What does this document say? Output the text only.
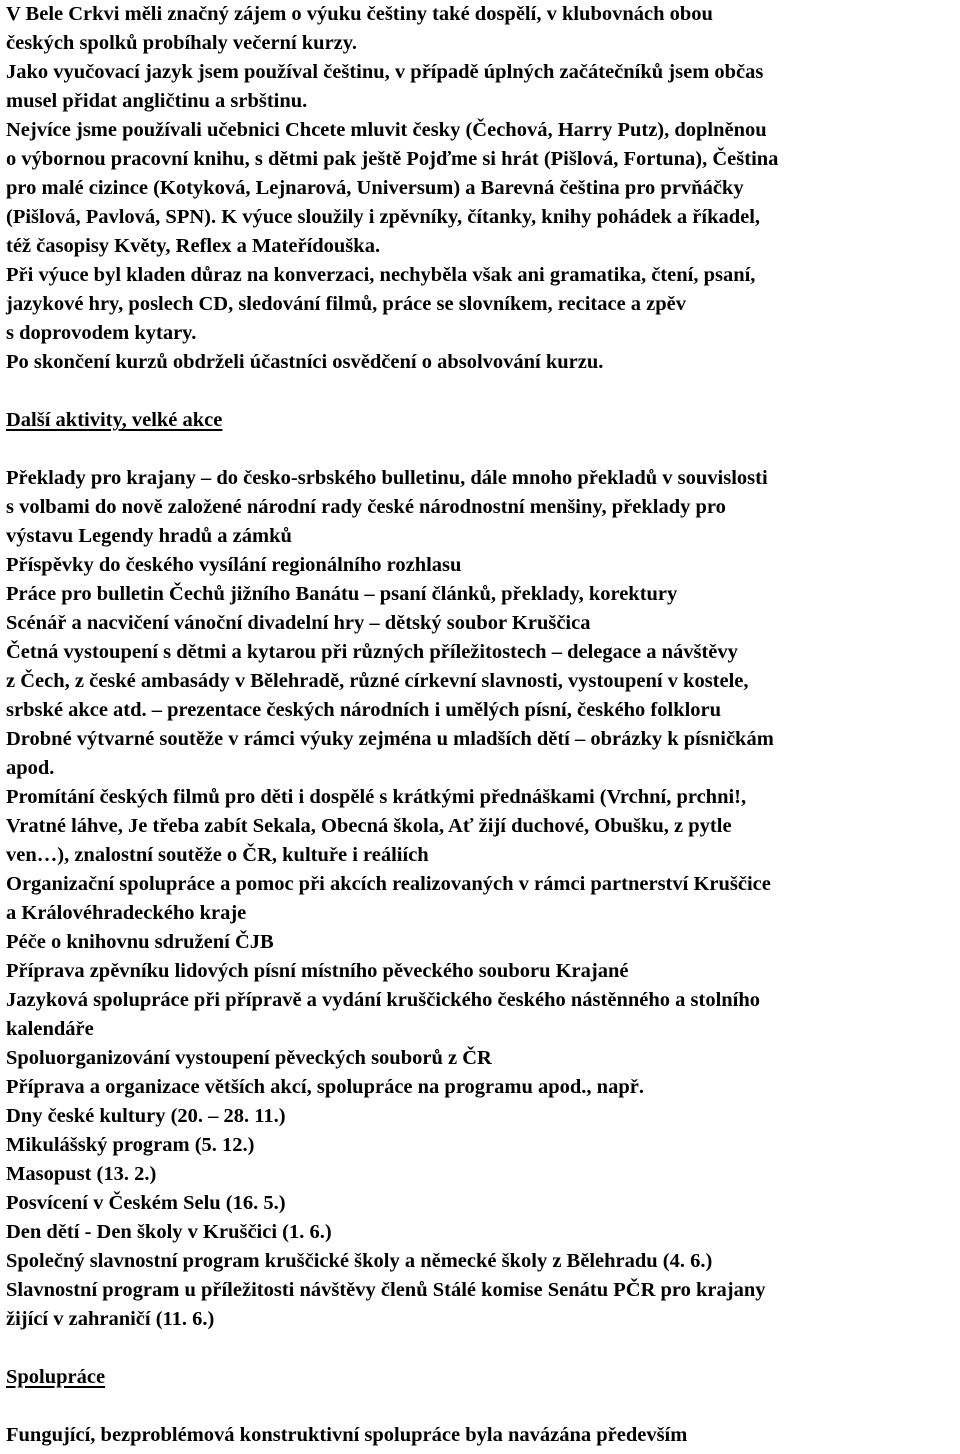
V Bele Crkvi měli značný zájem o výuku češtiny také dospělí, v klubovnách obou
českých spolků probíhaly večerní kurzy.
Jako vyučovací jazyk jsem používal češtinu, v případě úplných začátečníků jsem občas
musel přidat angličtinu a srbštinu.
Nejvíce jsme používali učebnici Chcete mluvit česky (Čechová, Harry Putz), doplněnou
o výbornou pracovní knihu, s dětmi pak ještě Pojďme si hrát (Pišlová, Fortuna), Čeština
pro malé cizince (Kotyková, Lejnarová, Universum) a Barevná čeština pro prvňáčky
(Pišlová, Pavlová, SPN). K výuce sloužily i zpěvníky, čítanky, knihy pohádek a říkadel,
též časopisy Květy, Reflex a Mateřídouška.
Při výuce byl kladen důraz na konverzaci, nechyběla však ani gramatika, čtení, psaní,
jazykové hry, poslech CD, sledování filmů, práce se slovníkem, recitace a zpěv
s doprovodem kytary.
Po skončení kurzů obdrželi účastníci osvědčení o absolvování kurzu.
Další aktivity, velké akce
Překlady pro krajany – do česko-srbského bulletinu, dále mnoho překladů v souvislosti
s volbami do nově založené národní rady české národnostní menšiny, překlady pro
výstavu Legendy hradů a zámků
Příspěvky do českého vysílání regionálního rozhlasu
Práce pro bulletin Čechů jižního Banátu – psaní článků, překlady, korektury
Scénář a nacvičení vánoční divadelní hry – dětský soubor Kruščica
Četná vystoupení s dětmi a kytarou při různých příležitostech – delegace a návštěvy
z Čech, z české ambasády v Bělehradě, různé církevní slavnosti, vystoupení v kostele,
srbské akce atd. – prezentace českých národních i umělých písní, českého folkloru
Drobné výtvarné soutěže v rámci výuky zejména u mladších dětí – obrázky k písničkám
apod.
Promítání českých filmů pro děti i dospělé s krátkými přednáškami (Vrchní, prchni!,
Vratné láhve, Je třeba zabít Sekala, Obecná škola, Ať žijí duchové, Obušku, z pytle
ven…), znalostní soutěže o ČR, kultuře i reáliích
Organizační spolupráce a pomoc při akcích realizovaných v rámci partnerství Kruščice
a Královéhradeckého kraje
Péče o knihovnu sdružení ČJB
Příprava zpěvníku lidových písní místního pěveckého souboru Krajané
Jazyková spolupráce při přípravě a vydání kruščického českého nástěnného a stolního
kalendáře
Spoluorganizování vystoupení pěveckých souborů z ČR
Příprava a organizace větších akcí, spolupráce na programu apod., např.
Dny české kultury (20. – 28. 11.)
Mikulášský program (5. 12.)
Masopust (13. 2.)
Posvícení v Českém Selu (16. 5.)
Den dětí - Den školy v Kruščici (1. 6.)
Společný slavnostní program kruščické školy a německé školy z Bělehradu (4. 6.)
Slavnostní program u příležitosti návštěvy členů Stálé komise Senátu PČR pro krajany
žijící v zahraničí (11. 6.)
Spolupráce
Fungující, bezproblémová konstruktivní spolupráce byla navázána především
